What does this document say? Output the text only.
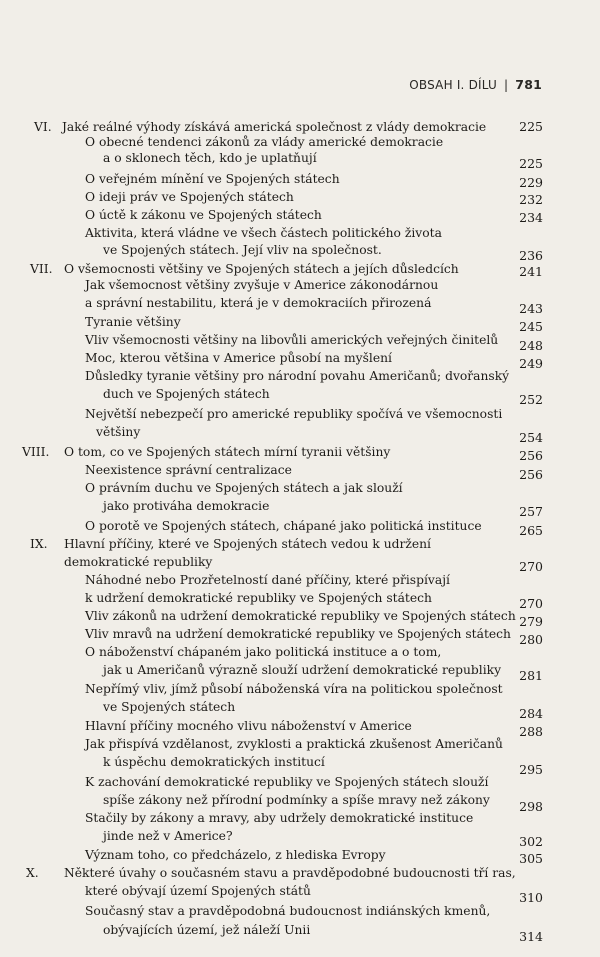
OBSAH I. DÍLU | 781
VI. Jaké reálné výhody získává americká společnost z vlády demokracie	225
O obecné tendenci zákonů za vlády americké demokracie
a o sklonech těch, kdo je uplatňují	225
O veřejném mínění ve Spojených státech	229
O ideji práv ve Spojených státech	232
O úctě k zákonu ve Spojených státech	234
Aktivita, která vládne ve všech částech politického života
ve Spojených státech. Její vliv na společnost.	236
VII. O všemocnosti většiny ve Spojených státech a jejích důsledcích	241
Jak všemocnost většiny zvyšuje v Americe zákonodárnou
a správní nestabilitu, která je v demokraciích přirozená	243
Tyranie většiny	245
Vliv všemocnosti většiny na libovůli amerických veřejných činitelů	248
Moc, kterou většina v Americe působí na myšlení	249
Důsledky tyranie většiny pro národní povahu Američanů; dvořanský
duch ve Spojených státech	252
Největší nebezpečí pro americké republiky spočívá ve všemocnosti
většiny	254
VIII. O tom, co ve Spojených státech mírní tyranii většiny	256
Neexistence správní centralizace	256
O právním duchu ve Spojených státech a jak slouží
jako protiváha demokracie	257
O porotě ve Spojených státech, chápané jako politická instituce	265
IX. Hlavní příčiny, které ve Spojených státech vedou k udržení
demokratické republiky	270
Náhodné nebo Prozřetelností dané příčiny, které přispívají
k udržení demokratické republiky ve Spojených státech	270
Vliv zákonů na udržení demokratické republiky ve Spojených státech 279
Vliv mravů na udržení demokratické republiky ve Spojených státech 280
O náboženství chápaném jako politická instituce a o tom,
jak u Američanů výrazně slouží udržení demokratické republiky	281
Nepřímý vliv, jímž působí náboženská víra na politickou společnost
ve Spojených státech	284
Hlavní příčiny mocného vlivu náboženství v Americe	288
Jak přispívá vzdělanost, zvyklosti a praktická zkušenost Američanů
k úspěchu demokratických institucí	295
K zachování demokratické republiky ve Spojených státech slouží
spíše zákony než přírodní podmínky a spíše mravy než zákony	298
Stačily by zákony a mravy, aby udržely demokratické instituce
jinde než v Americe?	302
Význam toho, co předcházelo, z hlediska Evropy	305
X. Některé úvahy o současném stavu a pravděpodobné budoucnosti tří ras,
které obývají území Spojených států	310
Současný stav a pravděpodobná budoucnost indiánských kmenů,
obývajících území, jež náleží Unii	314
